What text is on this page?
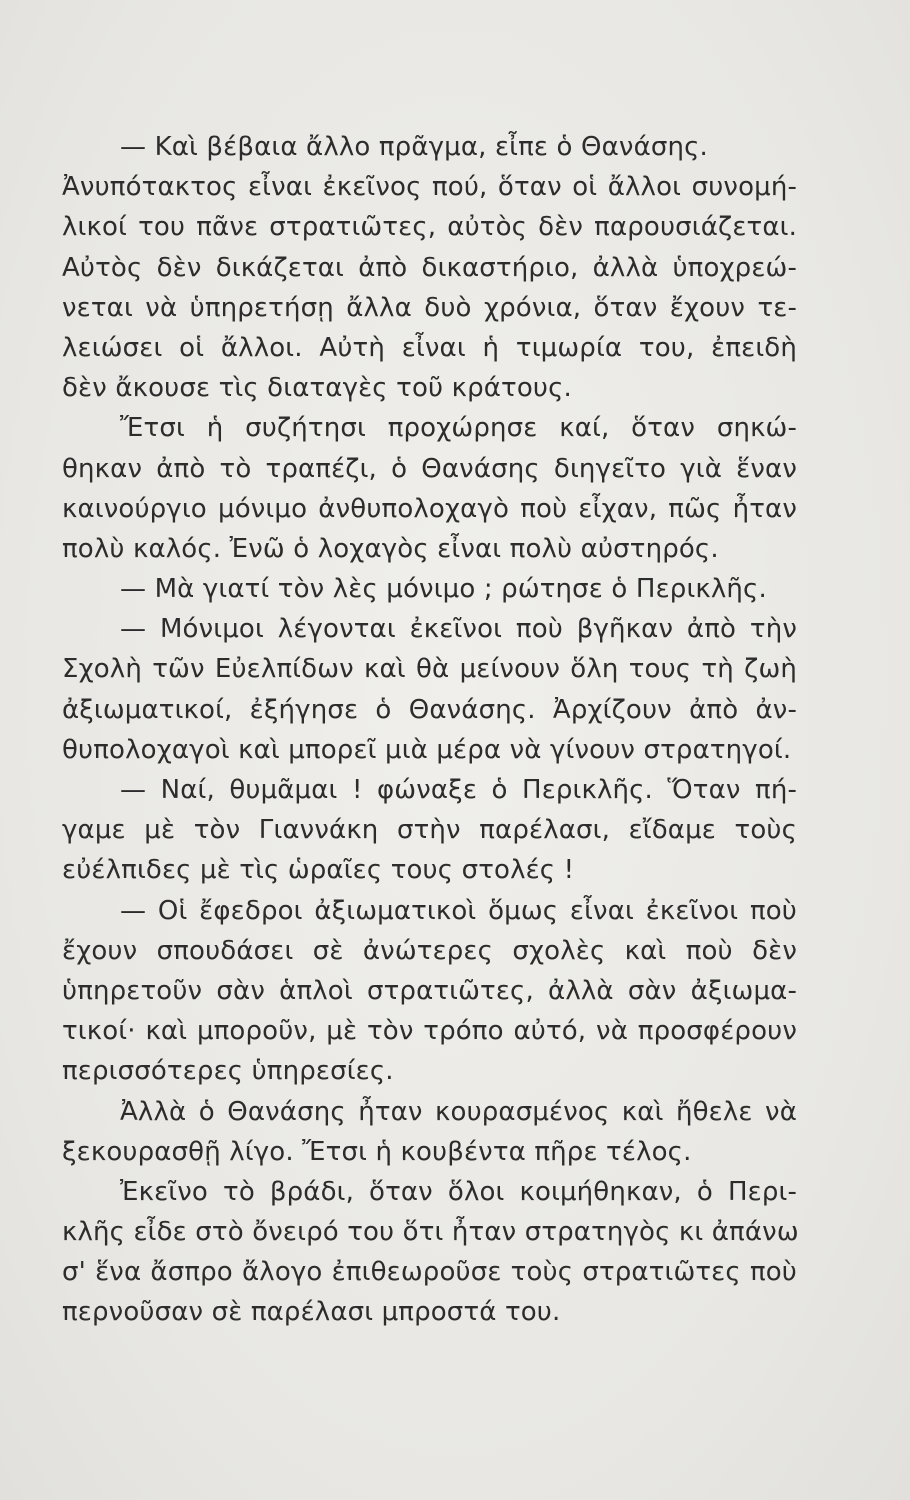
— Καὶ βέβαια ἄλλο πρᾶγμα, εἶπε ὁ Θανάσης.
Ἀνυπότακτος εἶναι ἐκεῖνος πού, ὅταν οἱ ἄλλοι συνομή-
λικοί του πᾶνε στρατιῶτες, αὐτὸς δὲν παρουσιάζεται.
Αὐτὸς δὲν δικάζεται ἀπὸ δικαστήριο, ἀλλὰ ὑποχρεώ-
νεται νὰ ὑπηρετήσῃ ἄλλα δυὸ χρόνια, ὅταν ἔχουν τε-
λειώσει οἱ ἄλλοι. Αὐτὴ εἶναι ἡ τιμωρία του, ἐπειδὴ
δὲν ἄκουσε τὶς διαταγὲς τοῦ κράτους.
Ἔτσι ἡ συζήτησι προχώρησε καί, ὅταν σηκώ-
θηκαν ἀπὸ τὸ τραπέζι, ὁ Θανάσης διηγεῖτο γιὰ ἕναν
καινούργιο μόνιμο ἀνθυπολοχαγὸ ποὺ εἶχαν, πῶς ἦταν
πολὺ καλός. Ἐνῶ ὁ λοχαγὸς εἶναι πολὺ αὐστηρός.
— Μὰ γιατί τὸν λὲς μόνιμο ; ρώτησε ὁ Περικλῆς.
— Μόνιμοι λέγονται ἐκεῖνοι ποὺ βγῆκαν ἀπὸ τὴν
Σχολὴ τῶν Εὐελπίδων καὶ θὰ μείνουν ὅλη τους τὴ ζωὴ
ἀξιωματικοί, ἐξήγησε ὁ Θανάσης. Ἀρχίζουν ἀπὸ ἀν-
θυπολοχαγοὶ καὶ μπορεῖ μιὰ μέρα νὰ γίνουν στρατηγοί.
— Ναί, θυμᾶμαι ! φώναξε ὁ Περικλῆς. Ὅταν πή-
γαμε μὲ τὸν Γιαννάκη στὴν παρέλασι, εἴδαμε τοὺς
εὐέλπιδες μὲ τὶς ὡραῖες τους στολές !
— Οἱ ἔφεδροι ἀξιωματικοὶ ὅμως εἶναι ἐκεῖνοι ποὺ
ἔχουν σπουδάσει σὲ ἀνώτερες σχολὲς καὶ ποὺ δὲν
ὑπηρετοῦν σὰν ἁπλοὶ στρατιῶτες, ἀλλὰ σὰν ἀξιωμα-
τικοί· καὶ μποροῦν, μὲ τὸν τρόπο αὐτό, νὰ προσφέρουν
περισσότερες ὑπηρεσίες.
Ἀλλὰ ὁ Θανάσης ἦταν κουρασμένος καὶ ἤθελε νὰ
ξεκουρασθῇ λίγο. Ἔτσι ἡ κουβέντα πῆρε τέλος.
Ἐκεῖνο τὸ βράδι, ὅταν ὅλοι κοιμήθηκαν, ὁ Περι-
κλῆς εἶδε στὸ ὄνειρό του ὅτι ἦταν στρατηγὸς κι ἀπάνω
σ' ἕνα ἄσπρο ἄλογο ἐπιθεωροῦσε τοὺς στρατιῶτες ποὺ
περνοῦσαν σὲ παρέλασι μπροστά του.
